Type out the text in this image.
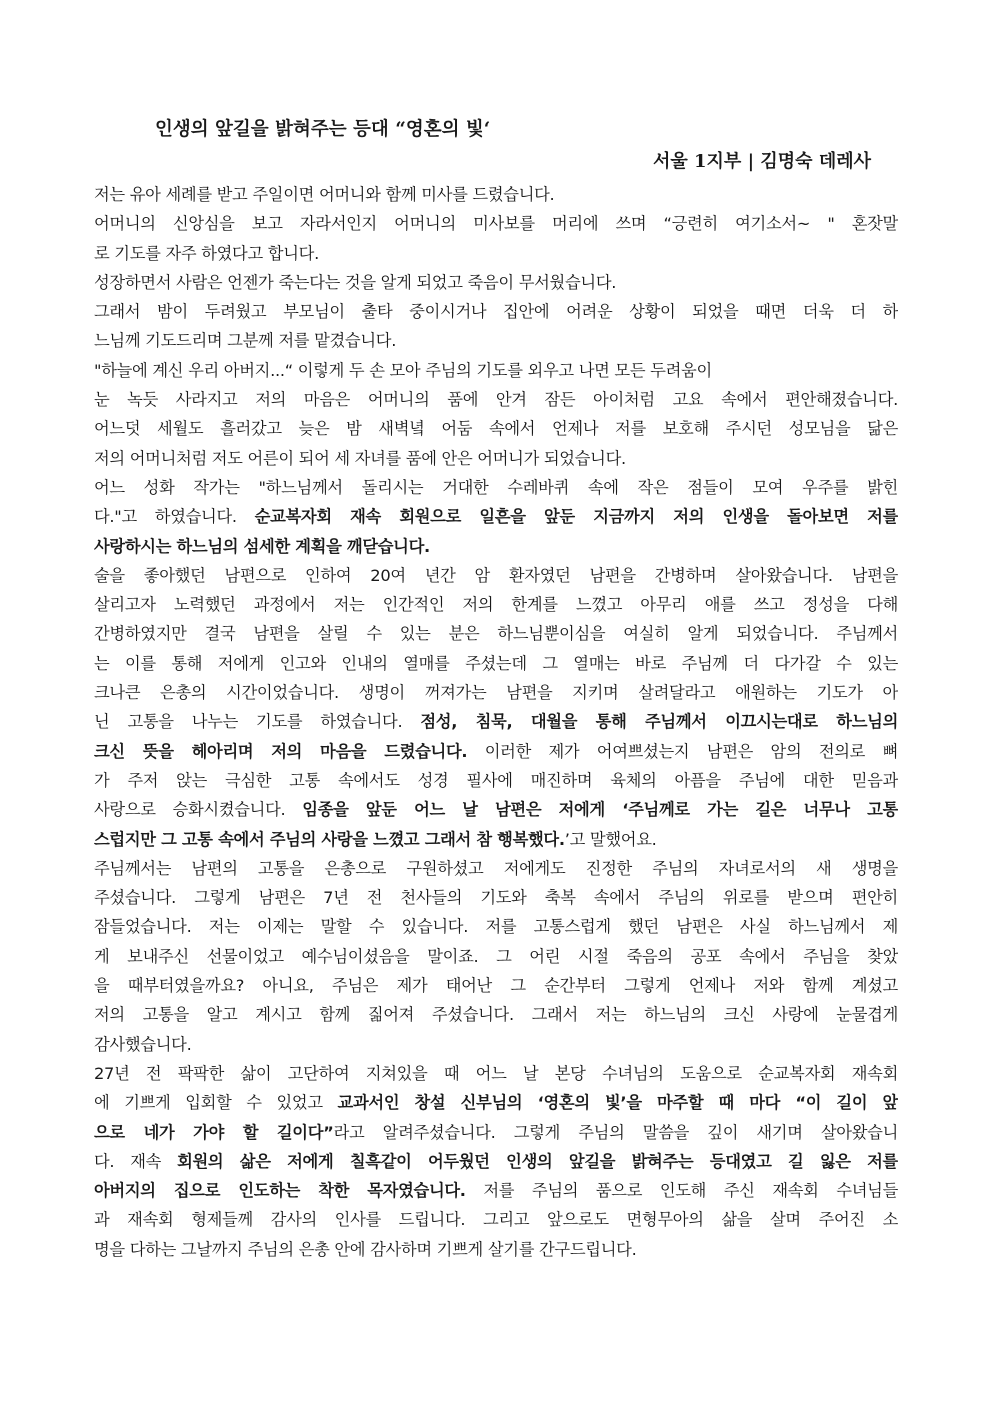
인생의 앞길을 밝혀주는 등대 “영혼의 빛‘
서울 1지부 | 김명숙 데레사
저는 유아 세례를 받고 주일이면 어머니와 함께 미사를 드렸습니다.
어머니의 신앙심을 보고 자라서인지 어머니의 미사보를 머리에 쓰며 “긍련히 여기소서~ " 혼잣말
로 기도를 자주 하였다고 합니다.
성장하면서 사람은 언젠가 죽는다는 것을 알게 되었고 죽음이 무서웠습니다.
그래서 밤이 두려웠고 부모님이 출타 중이시거나 집안에 어려운 상황이 되었을 때면 더욱 더 하
느님께 기도드리며 그분께 저를 맡겼습니다.
"하늘에 계신 우리 아버지...“ 이렇게 두 손 모아 주님의 기도를 외우고 나면 모든 두려움이
눈 녹듯 사라지고 저의 마음은 어머니의 품에 안겨 잠든 아이처럼 고요 속에서 편안해졌습니다.
어느덧 세월도 흘러갔고 늦은 밤 새벽녘 어둠 속에서 언제나 저를 보호해 주시던 성모님을 닮은
저의 어머니처럼 저도 어른이 되어 세 자녀를 품에 안은 어머니가 되었습니다.
어느 성화 작가는 "하느님께서 돌리시는 거대한 수레바퀴 속에 작은 점들이 모여 우주를 밝힌
다."고 하였습니다. 순교복자회 재속 회원으로 일흔을 앞둔 지금까지 저의 인생을 돌아보면 저를
사랑하시는 하느님의 섬세한 계획을 깨닫습니다.
술을 좋아했던 남편으로 인하여 20여 년간 암 환자였던 남편을 간병하며 살아왔습니다. 남편을
살리고자 노력했던 과정에서 저는 인간적인 저의 한계를 느꼈고 아무리 애를 쓰고 정성을 다해
간병하였지만 결국 남편을 살릴 수 있는 분은 하느님뿐이심을 여실히 알게 되었습니다. 주님께서
는 이를 통해 저에게 인고와 인내의 열매를 주셨는데 그 열매는 바로 주님께 더 다가갈 수 있는
크나큰 은총의 시간이었습니다. 생명이 꺼져가는 남편을 지키며 살려달라고 애원하는 기도가 아
닌 고통을 나누는 기도를 하였습니다. 점성, 침묵, 대월을 통해 주님께서 이끄시는대로 하느님의
크신 뜻을 헤아리며 저의 마음을 드렸습니다. 이러한 제가 어여쁘셨는지 남편은 암의 전의로 뼈
가 주저 앉는 극심한 고통 속에서도 성경 필사에 매진하며 육체의 아픔을 주님에 대한 믿음과
사랑으로 승화시켰습니다. 임종을 앞둔 어느 날 남편은 저에게 ‘주님께로 가는 길은 너무나 고통
스럽지만 그 고통 속에서 주님의 사랑을 느꼈고 그래서 참 행복했다.’고 말했어요.
주님께서는 남편의 고통을 은총으로 구원하셨고 저에게도 진정한 주님의 자녀로서의 새 생명을
주셨습니다. 그렇게 남편은 7년 전 천사들의 기도와 축복 속에서 주님의 위로를 받으며 편안히
잠들었습니다. 저는 이제는 말할 수 있습니다. 저를 고통스럽게 했던 남편은 사실 하느님께서 제
게 보내주신 선물이었고 예수님이셨음을 말이죠. 그 어린 시절 죽음의 공포 속에서 주님을 찾았
을 때부터였을까요? 아니요, 주님은 제가 태어난 그 순간부터 그렇게 언제나 저와 함께 계셨고
저의 고통을 알고 계시고 함께 짊어져 주셨습니다. 그래서 저는 하느님의 크신 사랑에 눈물겹게
감사했습니다.
27년 전 팍팍한 삶이 고단하여 지쳐있을 때 어느 날 본당 수녀님의 도움으로 순교복자회 재속회
에 기쁘게 입회할 수 있었고 교과서인 창설 신부님의 ‘영혼의 빛’을 마주할 때 마다 “이 길이 앞
으로 네가 가야 할 길이다”라고 알려주셨습니다. 그렇게 주님의 말씀을 깊이 새기며 살아왔습니
다. 재속 회원의 삶은 저에게 칠흑같이 어두웠던 인생의 앞길을 밝혀주는 등대였고 길 잃은 저를
아버지의 집으로 인도하는 착한 목자였습니다. 저를 주님의 품으로 인도해 주신 재속회 수녀님들
과 재속회 형제들께 감사의 인사를 드립니다. 그리고 앞으로도 면형무아의 삶을 살며 주어진 소
명을 다하는 그날까지 주님의 은총 안에 감사하며 기쁘게 살기를 간구드립니다.
